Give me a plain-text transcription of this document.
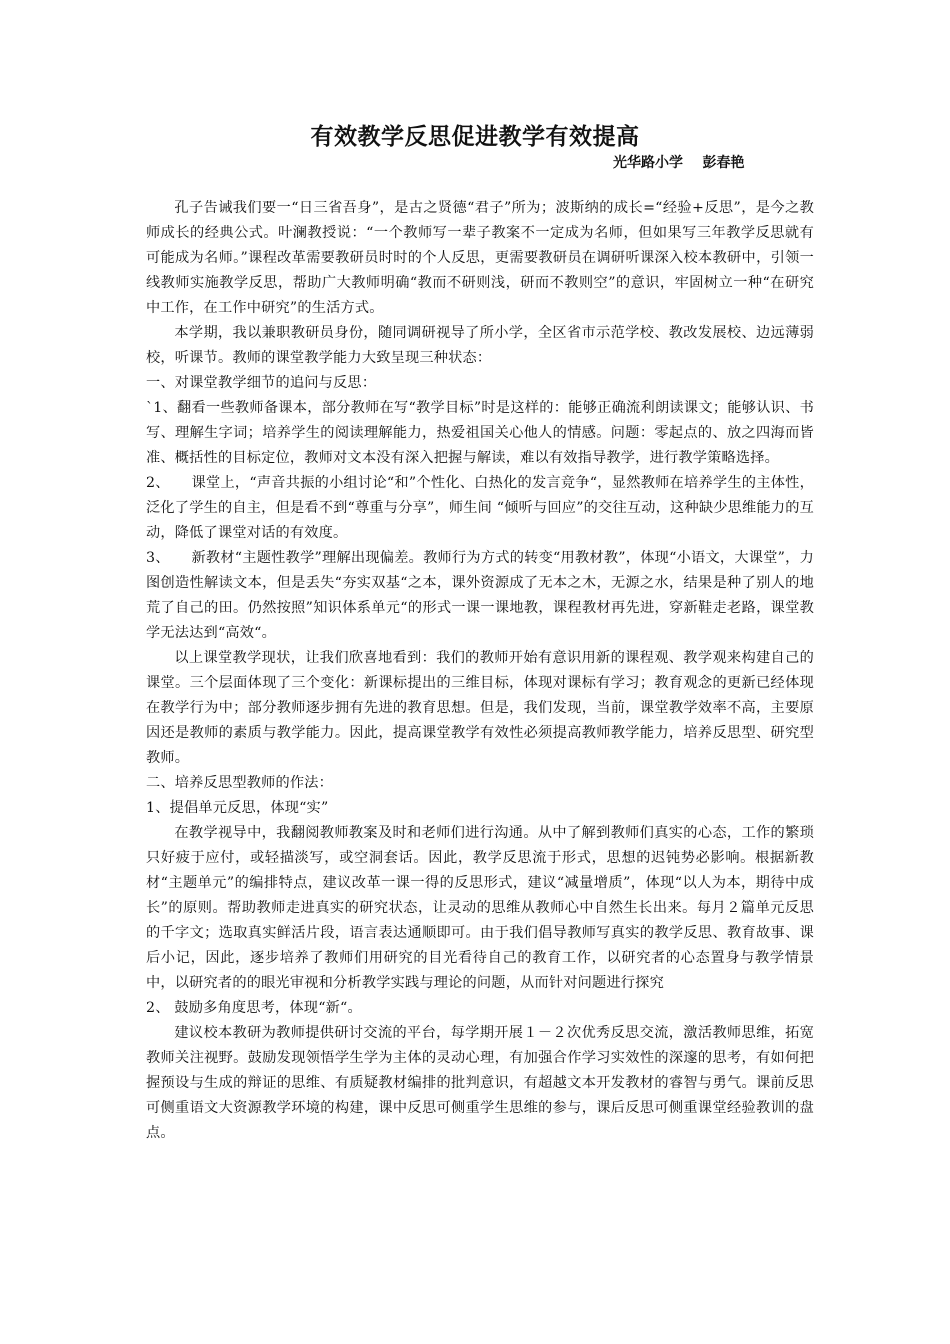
有效教学反思促进教学有效提高
光华路小学    彭春艳

孔子告诫我们要一“日三省吾身”，是古之贤德“君子”所为；波斯纳的成长=“经验+反思”，是今之教师成长的经典公式。叶澜教授说：“一个教师写一辈子教案不一定成为名师，但如果写三年教学反思就有可能成为名师。”课程改革需要教研员时时的个人反思，更需要教研员在调研听课深入校本教研中，引领一线教师实施教学反思，帮助广大教师明确“教而不研则浅，研而不教则空”的意识，牢固树立一种“在研究中工作，在工作中研究”的生活方式。

本学期，我以兼职教研员身份，随同调研视导了所小学，全区省市示范学校、教改发展校、边远薄弱校，听课节。教师的课堂教学能力大致呈现三种状态：

一、对课堂教学细节的追问与反思：

`1、翻看一些教师备课本，部分教师在写“教学目标”时是这样的：能够正确流利朗读课文；能够认识、书写、理解生字词；培养学生的阅读理解能力，热爱祖国关心他人的情感。问题：零起点的、放之四海而皆准、概括性的目标定位，教师对文本没有深入把握与解读，难以有效指导教学，进行教学策略选择。

2、　　课堂上，“声音共振的小组讨论“和”个性化、白热化的发言竞争“，显然教师在培养学生的主体性，泛化了学生的自主，但是看不到“尊重与分享”，师生间 “倾听与回应”的交往互动，这种缺少思维能力的互动，降低了课堂对话的有效度。

3、　　新教材“主题性教学”理解出现偏差。教师行为方式的转变“用教材教”，体现“小语文，大课堂”，力图创造性解读文本，但是丢失“夯实双基“之本，课外资源成了无本之木，无源之水，结果是种了别人的地荒了自己的田。仍然按照”知识体系单元“的形式一课一课地教，课程教材再先进，穿新鞋走老路，课堂教学无法达到“高效“。

以上课堂教学现状，让我们欣喜地看到：我们的教师开始有意识用新的课程观、教学观来构建自己的课堂。三个层面体现了三个变化：新课标提出的三维目标，体现对课标有学习；教育观念的更新已经体现在教学行为中；部分教师逐步拥有先进的教育思想。但是，我们发现，当前，课堂教学效率不高，主要原因还是教师的素质与教学能力。因此，提高课堂教学有效性必须提高教师教学能力，培养反思型、研究型教师。

二、培养反思型教师的作法：

1、提倡单元反思，体现“实”

在教学视导中，我翻阅教师教案及时和老师们进行沟通。从中了解到教师们真实的心态，工作的繁琐只好疲于应付，或轻描淡写，或空洞套话。因此，教学反思流于形式，思想的迟钝势必影响。根据新教材“主题单元”的编排特点，建议改革一课一得的反思形式，建议“减量增质”，体现“以人为本，期待中成长”的原则。帮助教师走进真实的研究状态，让灵动的思维从教师心中自然生长出来。每月２篇单元反思的千字文；选取真实鲜活片段，语言表达通顺即可。由于我们倡导教师写真实的教学反思、教育故事、课后小记，因此，逐步培养了教师们用研究的目光看待自己的教育工作，以研究者的心态置身与教学情景中，以研究者的的眼光审视和分析教学实践与理论的问题，从而针对问题进行探究

2、 鼓励多角度思考，体现“新“。

建议校本教研为教师提供研讨交流的平台，每学期开展１－２次优秀反思交流，激活教师思维，拓宽教师关注视野。鼓励发现领悟学生学为主体的灵动心理，有加强合作学习实效性的深邃的思考，有如何把握预设与生成的辩证的思维、有质疑教材编排的批判意识，有超越文本开发教材的睿智与勇气。课前反思可侧重语文大资源教学环境的构建，课中反思可侧重学生思维的参与，课后反思可侧重课堂经验教训的盘点。
